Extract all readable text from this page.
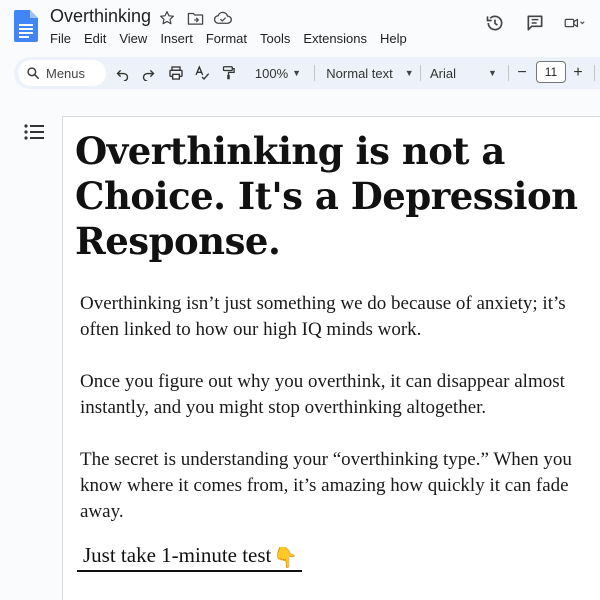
Overthinking
File	Edit	View	Insert	Format	Tools	Extensions	Help
Menus	100% ▼ Normal text ▼ Arial	▼ −	11	+
Overthinking is not a Choice. It's a Depression Response.
Overthinking isn’t just something we do because of anxiety; it’s often linked to how our high IQ minds work.
Once you figure out why you overthink, it can disappear almost instantly, and you might stop overthinking altogether.
The secret is understanding your “overthinking type.” When you know where it comes from, it’s amazing how quickly it can fade away.
Just take 1-minute test 👇
